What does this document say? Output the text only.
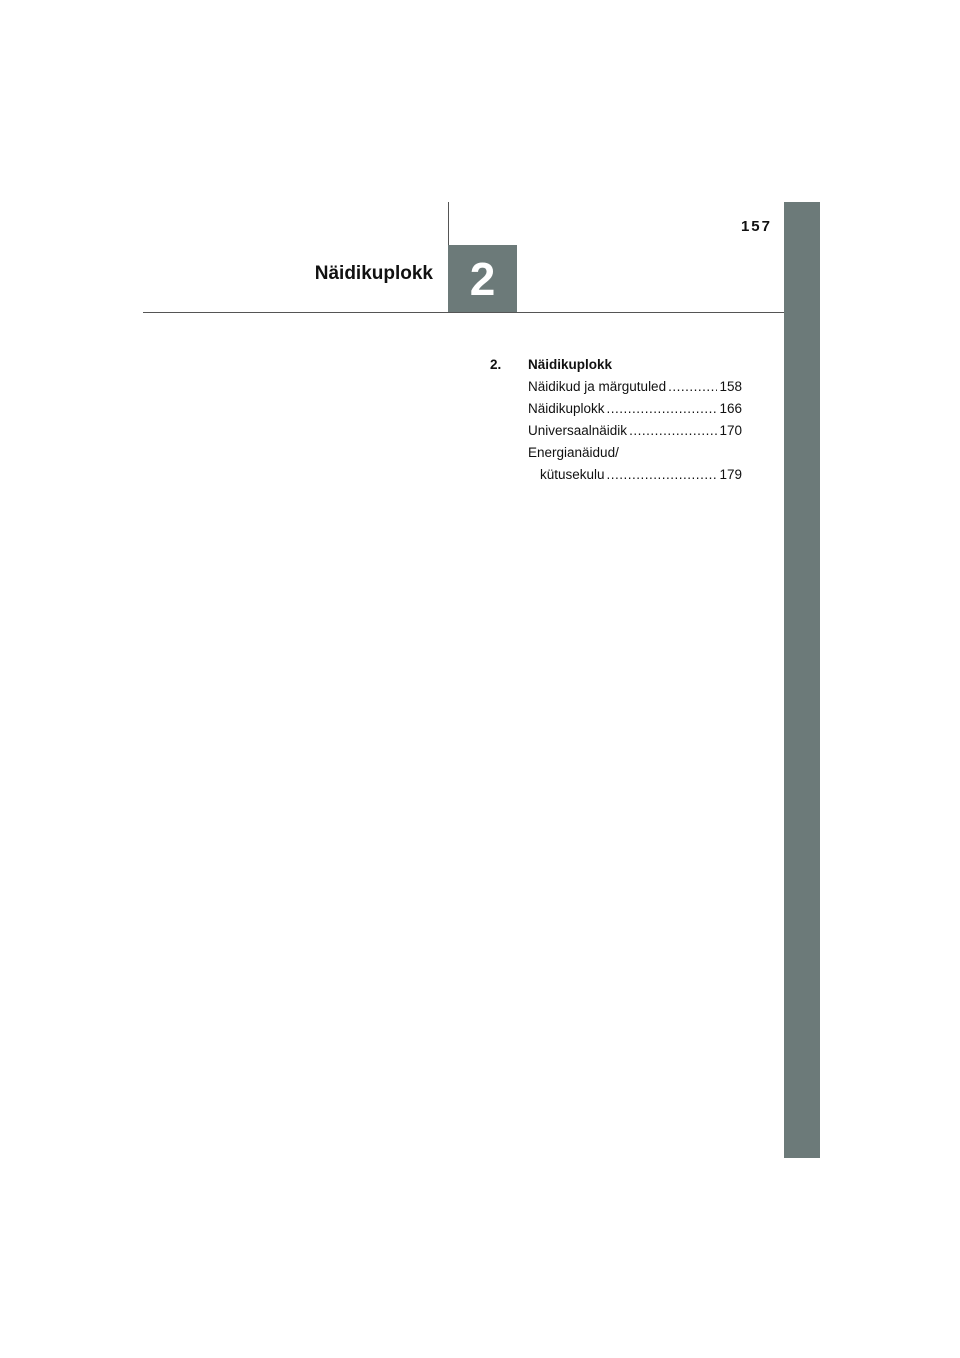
157
2
Näidikuplokk
2.	Näidikuplokk
Näidikud ja märgutuled .....	158
Näidikuplokk .....	166
Universaalnäidik .....	170
Energianäidud/
kütusekulu .....	179
